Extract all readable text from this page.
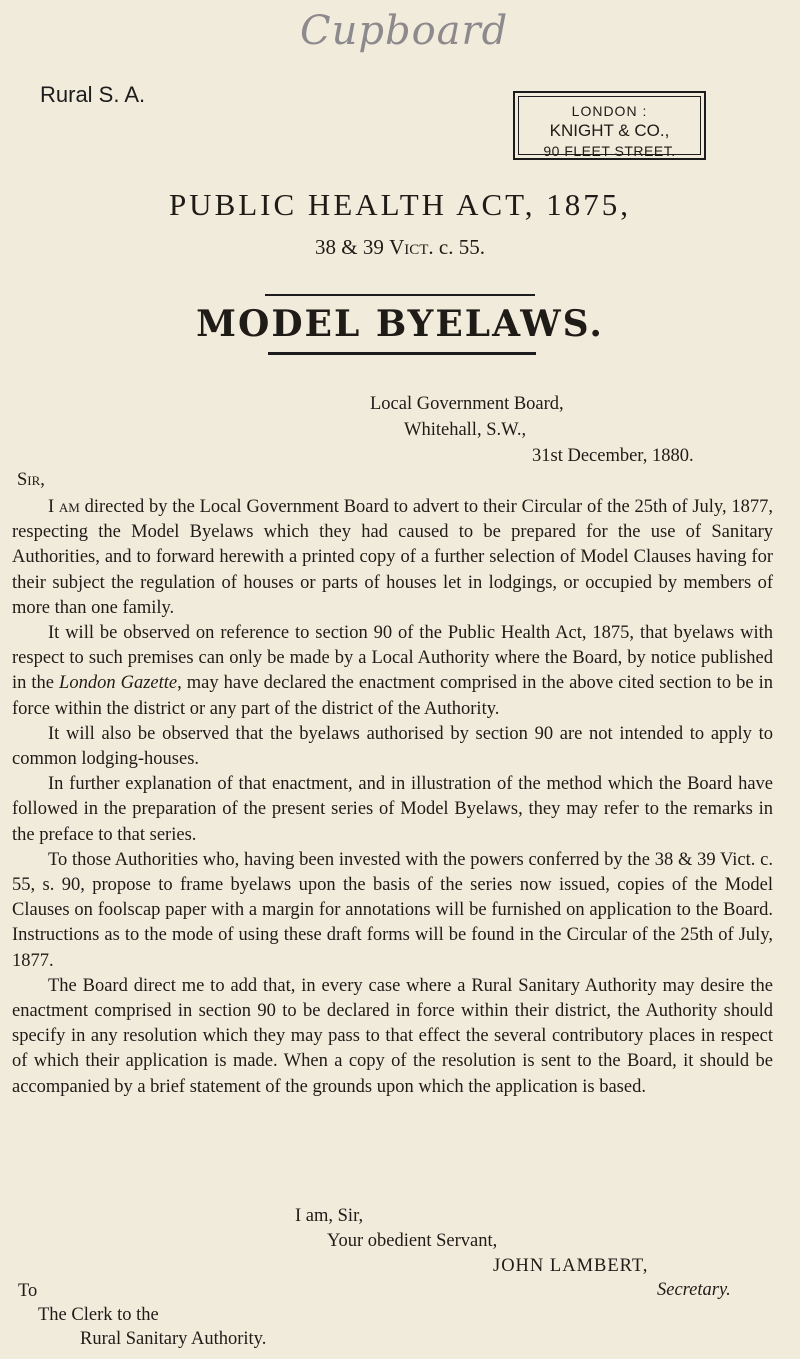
Cupboard
Rural S. A.
LONDON :
KNIGHT & CO.,
90 FLEET STREET.
PUBLIC HEALTH ACT, 1875,
38 & 39 Vict. c. 55.
MODEL BYELAWS.
Local Government Board,
Whitehall, S.W.,
31st December, 1880.
Sir,

I am directed by the Local Government Board to advert to their Circular of the 25th of July, 1877, respecting the Model Byelaws which they had caused to be prepared for the use of Sanitary Authorities, and to forward herewith a printed copy of a further selection of Model Clauses having for their subject the regulation of houses or parts of houses let in lodgings, or occupied by members of more than one family.

It will be observed on reference to section 90 of the Public Health Act, 1875, that byelaws with respect to such premises can only be made by a Local Authority where the Board, by notice published in the London Gazette, may have declared the enactment comprised in the above cited section to be in force within the district or any part of the district of the Authority.

It will also be observed that the byelaws authorised by section 90 are not intended to apply to common lodging-houses.

In further explanation of that enactment, and in illustration of the method which the Board have followed in the preparation of the present series of Model Byelaws, they may refer to the remarks in the preface to that series.

To those Authorities who, having been invested with the powers conferred by the 38 & 39 Vict. c. 55, s. 90, propose to frame byelaws upon the basis of the series now issued, copies of the Model Clauses on foolscap paper with a margin for annotations will be furnished on application to the Board. Instructions as to the mode of using these draft forms will be found in the Circular of the 25th of July, 1877.

The Board direct me to add that, in every case where a Rural Sanitary Authority may desire the enactment comprised in section 90 to be declared in force within their district, the Authority should specify in any resolution which they may pass to that effect the several contributory places in respect of which their application is made. When a copy of the resolution is sent to the Board, it should be accompanied by a brief statement of the grounds upon which the application is based.

I am, Sir,
Your obedient Servant,
JOHN LAMBERT,
Secretary.
To
The Clerk to the
Rural Sanitary Authority.
